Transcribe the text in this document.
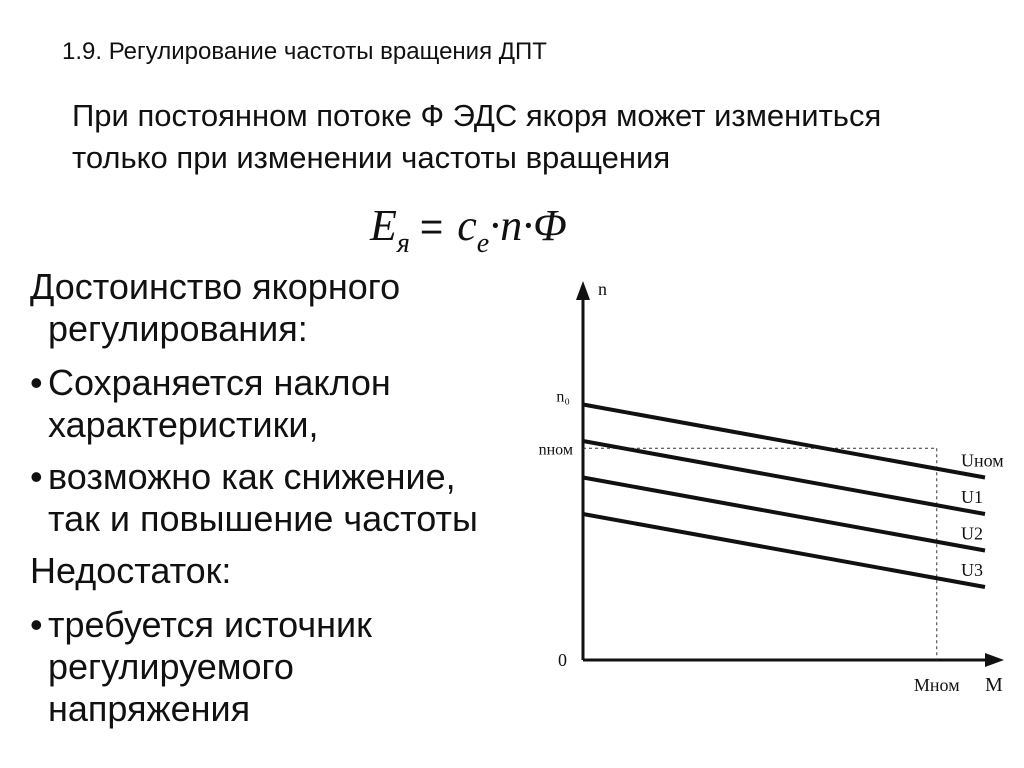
1.9. Регулирование частоты вращения ДПТ
При постоянном потоке Ф ЭДС якоря может измениться
только при изменении частоты вращения
$E_я = c_e\cdot n\cdot\Phi$
Достоинство якорного
регулирования:
• Сохраняется наклон
характеристики,
• возможно как снижение,
так и повышение частоты
Недостаток:
• требуется источник
регулируемого
напряжения
n
M
0
Uном
U1
U2
U3
n₀
nном
Mном
